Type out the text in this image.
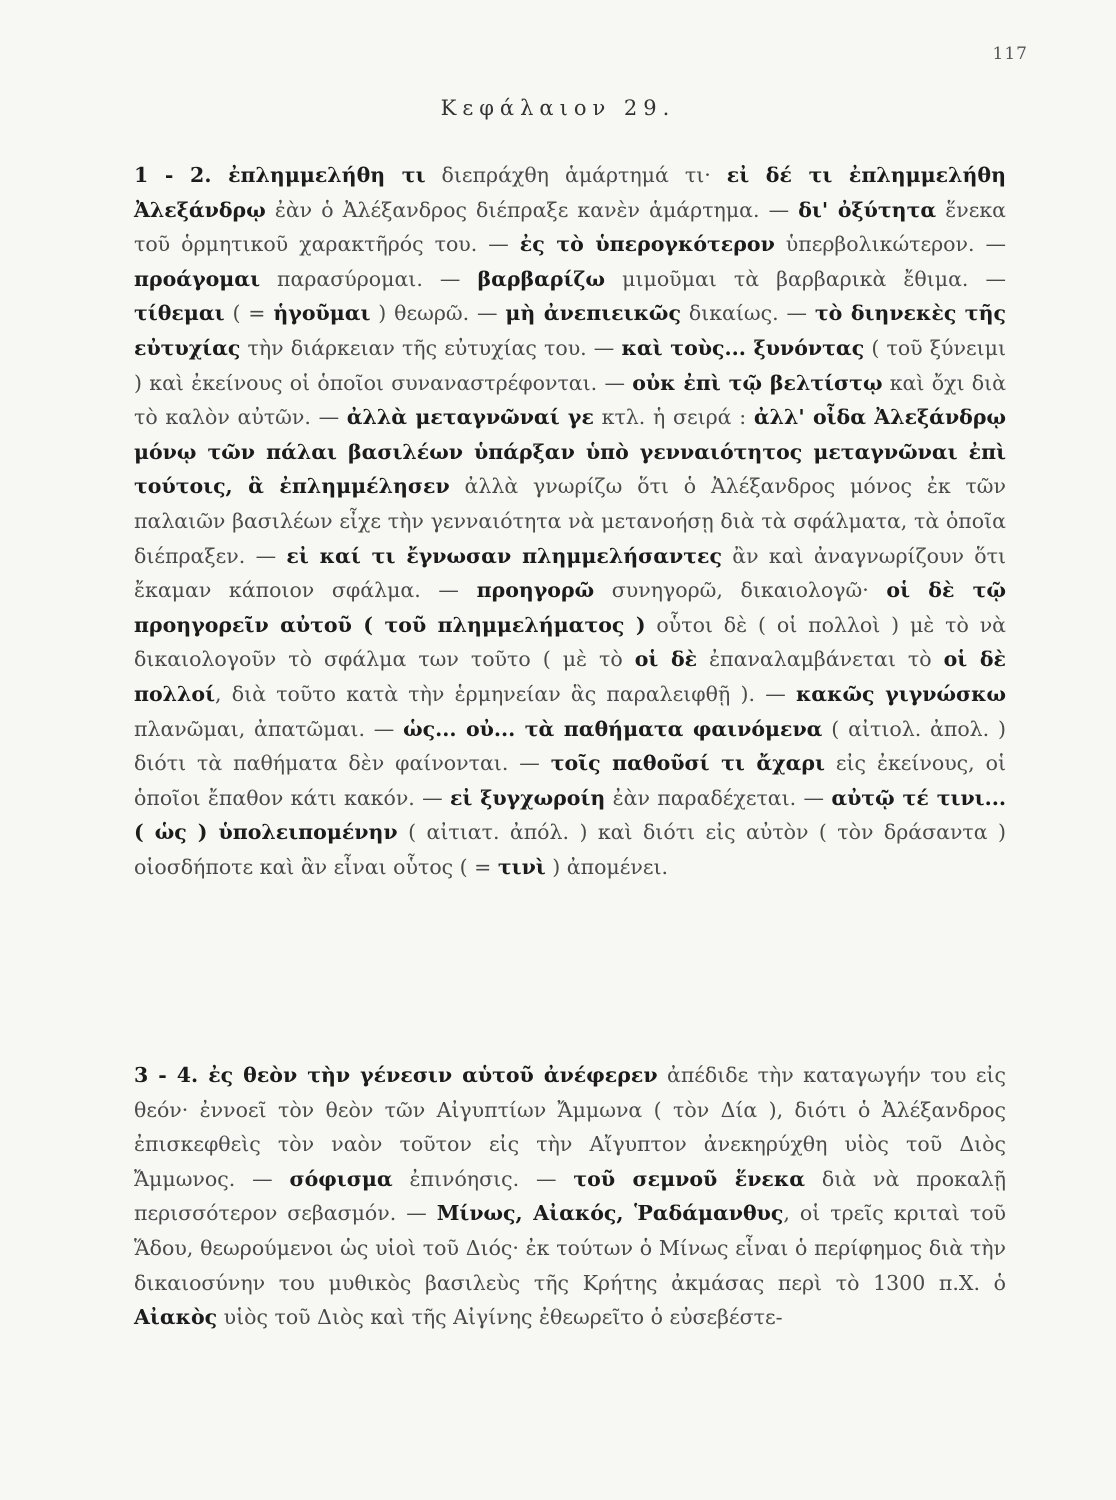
117
Κεφάλαιον 29.
1 - 2. ἐπλημμελήθη τι διεπράχθη ἁμάρτημά τι· εἰ δέ τι ἐπλημμελήθη Ἀλεξάνδρῳ ἐὰν ὁ Ἀλέξανδρος διέπραξε κανὲν ἁμάρτημα. — δι' ὀξύτητα ἕνεκα τοῦ ὁρμητικοῦ χαρακτῆρός του. — ἐς τὸ ὑπερογκότερον ὑπερβολικώτερον. — προάγομαι παρασύρομαι. — βαρβαρίζω μιμοῦμαι τὰ βαρβαρικὰ ἔθιμα. — τίθεμαι ( = ἡγοῦμαι ) θεωρῶ. — μὴ ἀνεπιεικῶς δικαίως. — τὸ διηνεκὲς τῆς εὐτυχίας τὴν διάρκειαν τῆς εὐτυχίας του. — καὶ τοὺς... ξυνόντας ( τοῦ ξύνειμι ) καὶ ἐκείνους οἱ ὁποῖοι συναναστρέφονται. — οὐκ ἐπὶ τῷ βελτίστῳ καὶ ὄχι διὰ τὸ καλὸν αὐτῶν. — ἀλλὰ μεταγνῶναί γε κτλ. ἡ σειρά : ἀλλ' οἶδα Ἀλεξάνδρῳ μόνῳ τῶν πάλαι βασιλέων ὑπάρξαν ὑπὸ γενναιότητος μεταγνῶναι ἐπὶ τούτοις, ἃ ἐπλημμέλησεν ἀλλὰ γνωρίζω ὅτι ὁ Ἀλέξανδρος μόνος ἐκ τῶν παλαιῶν βασιλέων εἶχε τὴν γενναιότητα νὰ μετανοήσῃ διὰ τὰ σφάλματα, τὰ ὁποῖα διέπραξεν. — εἰ καί τι ἔγνωσαν πλημμελήσαντες ἂν καὶ ἀναγνωρίζουν ὅτι ἔκαμαν κάποιον σφάλμα. — προηγορῶ συνηγορῶ, δικαιολογῶ· οἱ δὲ τῷ προηγορεῖν αὐτοῦ ( τοῦ πλημμελήματος ) οὗτοι δὲ ( οἱ πολλοὶ ) μὲ τὸ νὰ δικαιολογοῦν τὸ σφάλμα των τοῦτο ( μὲ τὸ οἱ δὲ ἐπαναλαμβάνεται τὸ οἱ δὲ πολλοί, διὰ τοῦτο κατὰ τὴν ἑρμηνείαν ἃς παραλειφθῇ ). — κακῶς γιγνώσκω πλανῶμαι, ἀπατῶμαι. — ὡς... οὐ... τὰ παθήματα φαινόμενα ( αἰτιολ. ἀπολ. ) διότι τὰ παθήματα δὲν φαίνονται. — τοῖς παθοῦσί τι ἄχαρι εἰς ἐκείνους, οἱ ὁποῖοι ἔπαθον κάτι κακόν. — εἰ ξυγχωροίη ἐὰν παραδέχεται. — αὐτῷ τέ τινι... ( ὡς ) ὑπολειπομένην ( αἰτιατ. ἀπόλ. ) καὶ διότι εἰς αὐτὸν ( τὸν δράσαντα ) οἱοσδήποτε καὶ ἂν εἶναι οὗτος ( = τινὶ ) ἀπομένει.
3 - 4. ἐς θεὸν τὴν γένεσιν αὑτοῦ ἀνέφερεν ἀπέδιδε τὴν καταγωγήν του εἰς θεόν· ἐννοεῖ τὸν θεὸν τῶν Αἰγυπτίων Ἄμμωνα ( τὸν Δία ), διότι ὁ Ἀλέξανδρος ἐπισκεφθεὶς τὸν ναὸν τοῦτον εἰς τὴν Αἴγυπτον ἀνεκηρύχθη υἱὸς τοῦ Διὸς Ἄμμωνος. — σόφισμα ἐπινόησις. — τοῦ σεμνοῦ ἕνεκα διὰ νὰ προκαλῇ περισσότερον σεβασμόν. — Μίνως, Αἰακός, Ῥαδάμανθυς, οἱ τρεῖς κριταὶ τοῦ Ἅδου, θεωρούμενοι ὡς υἱοὶ τοῦ Διός· ἐκ τούτων ὁ Μίνως εἶναι ὁ περίφημος διὰ τὴν δικαιοσύνην του μυθικὸς βασιλεὺς τῆς Κρήτης ἀκμάσας περὶ τὸ 1300 π.Χ. ὁ Αἰακὸς υἱὸς τοῦ Διὸς καὶ τῆς Αἰγίνης ἐθεωρεῖτο ὁ εὐσεβέστε-
